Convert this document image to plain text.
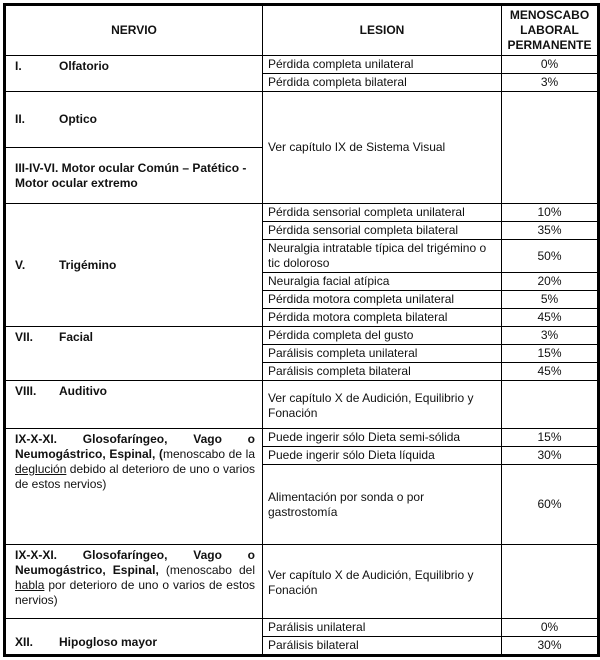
NERVIO	LESION	MENOSCABO LABORAL PERMANENTE
I. Olfatorio	Pérdida completa unilateral	0%
	Pérdida completa bilateral	3%
II. Optico	Ver capítulo IX de Sistema Visual	
III-IV-VI. Motor ocular Común – Patético - Motor ocular extremo		
V. Trigémino	Pérdida sensorial completa unilateral	10%
	Pérdida sensorial completa bilateral	35%
	Neuralgia intratable típica del trigémino o tic doloroso	50%
	Neuralgia facial atípica	20%
	Pérdida motora completa unilateral	5%
	Pérdida motora completa bilateral	45%
VII. Facial	Pérdida completa del gusto	3%
	Parálisis completa unilateral	15%
	Parálisis completa bilateral	45%
VIII. Auditivo	Ver capítulo X de Audición, Equilibrio y Fonación	
IX-X-XI. Glosofaríngeo, Vago o Neumogástrico, Espinal, (menoscabo de la deglución debido al deterioro de uno o varios de estos nervios)	Puede ingerir sólo Dieta semi-sólida	15%
	Puede ingerir sólo Dieta líquida	30%
	Alimentación por sonda o por gastrostomía	60%
IX-X-XI. Glosofaríngeo, Vago o Neumogástrico, Espinal, (menoscabo del habla por deterioro de uno o varios de estos nervios)	Ver capítulo X de Audición, Equilibrio y Fonación	
XII. Hipogloso mayor	Parálisis unilateral	0%
	Parálisis bilateral	30%
